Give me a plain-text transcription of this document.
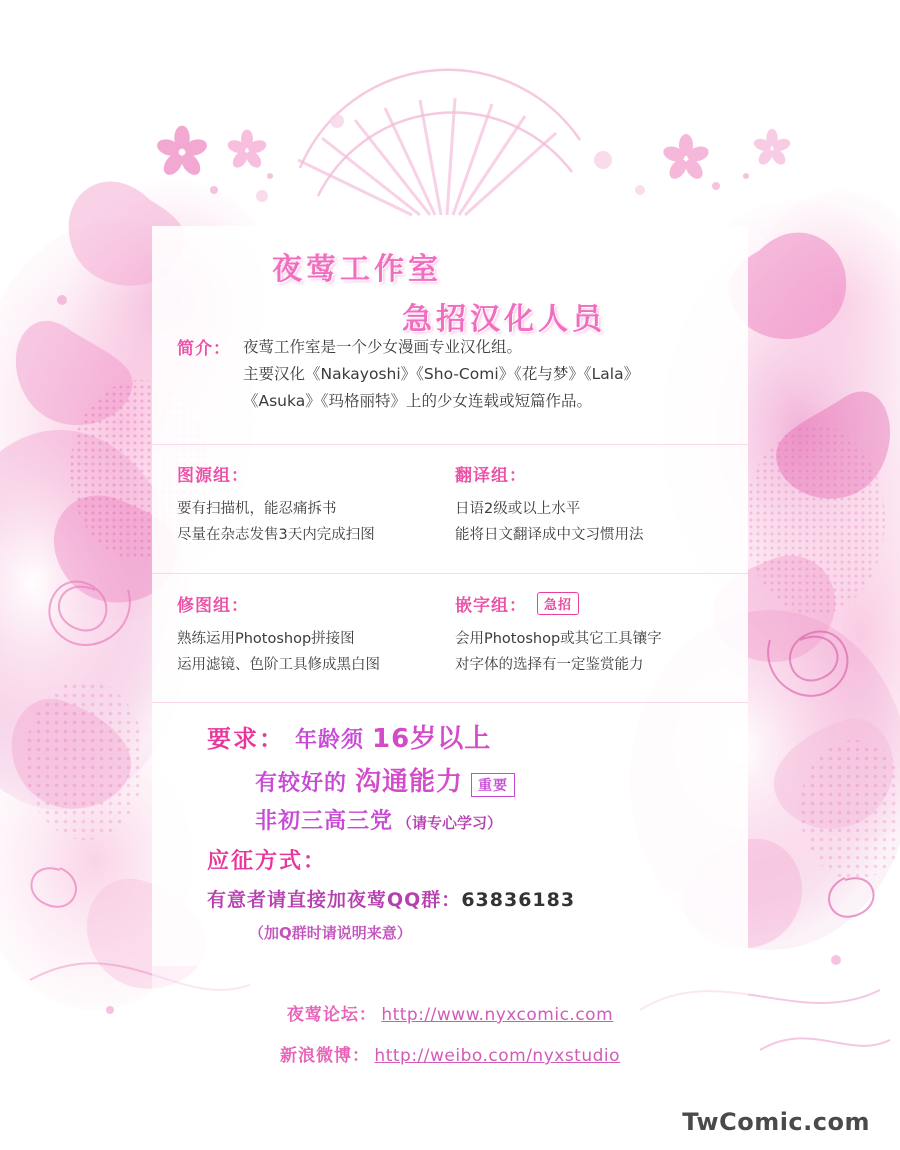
夜莺工作室
急招汉化人员
简介： 夜莺工作室是一个少女漫画专业汉化组。
主要汉化《Nakayoshi》《Sho-Comi》《花与梦》《Lala》
《Asuka》《玛格丽特》上的少女连载或短篇作品。
图源组：
要有扫描机，能忍痛拆书
尽量在杂志发售3天内完成扫图
翻译组：
日语2级或以上水平
能将日文翻译成中文习惯用法
修图组：
熟练运用Photoshop拼接图
运用滤镜、色阶工具修成黑白图
嵌字组：	急招
会用Photoshop或其它工具镶字
对字体的选择有一定鉴赏能力
要求： 年龄须 16岁以上
有较好的 沟通能力	重要
非初三高三党 （请专心学习）
应征方式：
有意者请直接加夜莺QQ群：63836183
（加Q群时请说明来意）
夜莺论坛： http://www.nyxcomic.com
新浪微博： http://weibo.com/nyxstudio
TwComic.com
